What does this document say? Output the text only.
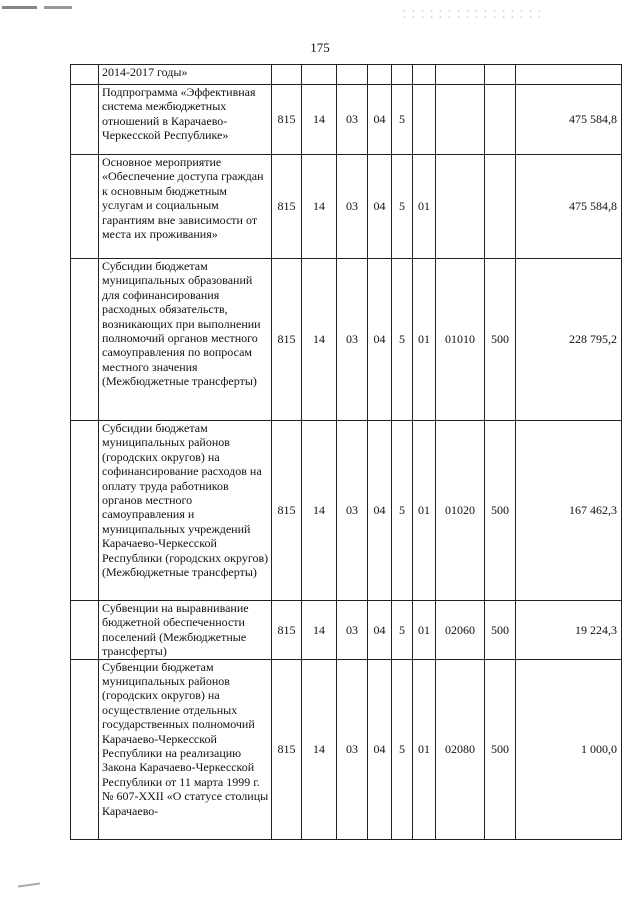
175
	2014-2017 годы»									
	Подпрограмма «Эффективная система межбюджетных отношений в Карачаево-Черкесской Республике»	815	14	03	04	5				475 584,8
	Основное мероприятие «Обеспечение доступа граждан к основным бюджетным услугам и социальным гарантиям вне зависимости от места их проживания»	815	14	03	04	5	01			475 584,8
	Субсидии бюджетам муниципальных образований для софинансирования расходных обязательств, возникающих при выполнении полномочий органов местного самоуправления по вопросам местного значения (Межбюджетные трансферты)	815	14	03	04	5	01	01010	500	228 795,2
	Субсидии бюджетам муниципальных районов (городских округов) на софинансирование расходов на оплату труда работников органов местного самоуправления и муниципальных учреждений Карачаево-Черкесской Республики (городских округов) (Межбюджетные трансферты)	815	14	03	04	5	01	01020	500	167 462,3
	Субвенции на выравнивание бюджетной обеспеченности поселений (Межбюджетные трансферты)	815	14	03	04	5	01	02060	500	19 224,3
	Субвенции бюджетам муниципальных районов (городских округов) на осуществление отдельных государственных полномочий Карачаево-Черкесской Республики на реализацию Закона Карачаево-Черкесской Республики от 11 марта 1999 г. № 607-XXII «О статусе столицы Карачаево-	815	14	03	04	5	01	02080	500	1 000,0
